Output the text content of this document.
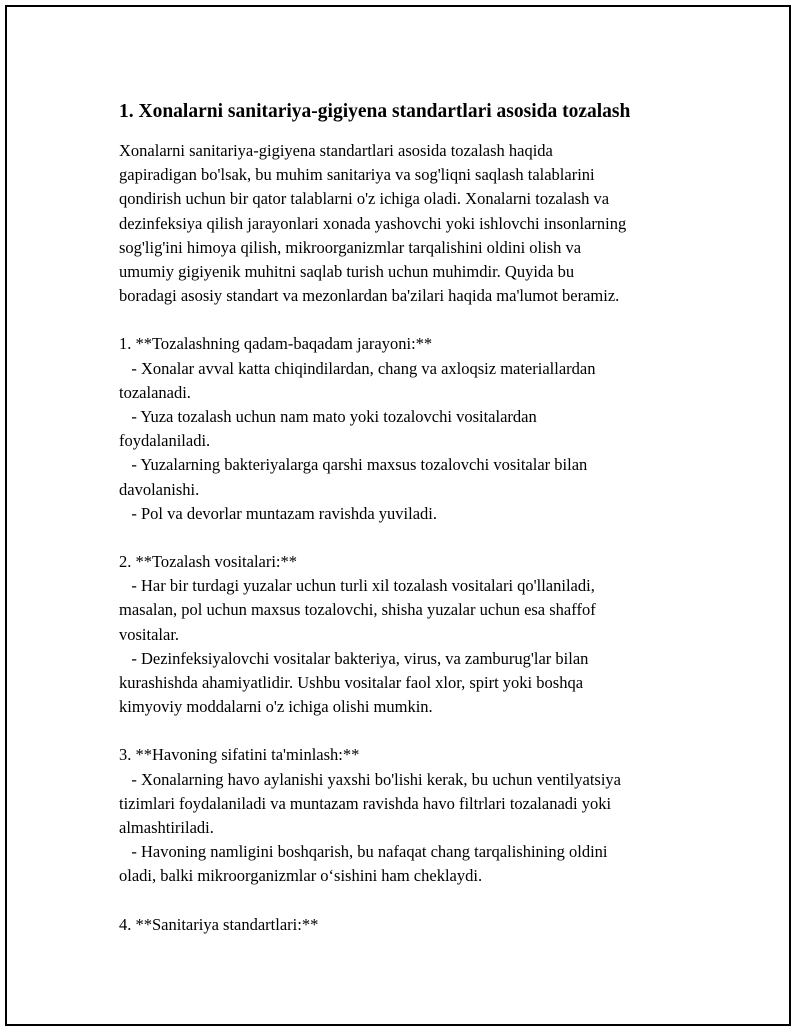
1. Xonalarni sanitariya-gigiyena standartlari asosida tozalash
Xonalarni sanitariya-gigiyena standartlari asosida tozalash haqida
gapiradigan bo'lsak, bu muhim sanitariya va sog'liqni saqlash talablarini
qondirish uchun bir qator talablarni o'z ichiga oladi. Xonalarni tozalash va
dezinfeksiya qilish jarayonlari xonada yashovchi yoki ishlovchi insonlarning
sog'lig'ini himoya qilish, mikroorganizmlar tarqalishini oldini olish va
umumiy gigiyenik muhitni saqlab turish uchun muhimdir. Quyida bu
boradagi asosiy standart va mezonlardan ba'zilari haqida ma'lumot beramiz.
1. **Tozalashning qadam-baqadam jarayoni:**
- Xonalar avval katta chiqindilardan, chang va axloqsiz materiallardan
tozalanadi.
- Yuza tozalash uchun nam mato yoki tozalovchi vositalardan
foydalaniladi.
- Yuzalarning bakteriyalarga qarshi maxsus tozalovchi vositalar bilan
davolanishi.
- Pol va devorlar muntazam ravishda yuviladi.
2. **Tozalash vositalari:**
- Har bir turdagi yuzalar uchun turli xil tozalash vositalari qo'llaniladi,
masalan, pol uchun maxsus tozalovchi, shisha yuzalar uchun esa shaffof
vositalar.
- Dezinfeksiyalovchi vositalar bakteriya, virus, va zamburug'lar bilan
kurashishda ahamiyatlidir. Ushbu vositalar faol xlor, spirt yoki boshqa
kimyoviy moddalarni o'z ichiga olishi mumkin.
3. **Havoning sifatini ta'minlash:**
- Xonalarning havo aylanishi yaxshi bo'lishi kerak, bu uchun ventilyatsiya
tizimlari foydalaniladi va muntazam ravishda havo filtrlari tozalanadi yoki
almashtiriladi.
- Havoning namligini boshqarish, bu nafaqat chang tarqalishining oldini
oladi, balki mikroorganizmlar o‘sishini ham cheklaydi.
4. **Sanitariya standartlari:**
